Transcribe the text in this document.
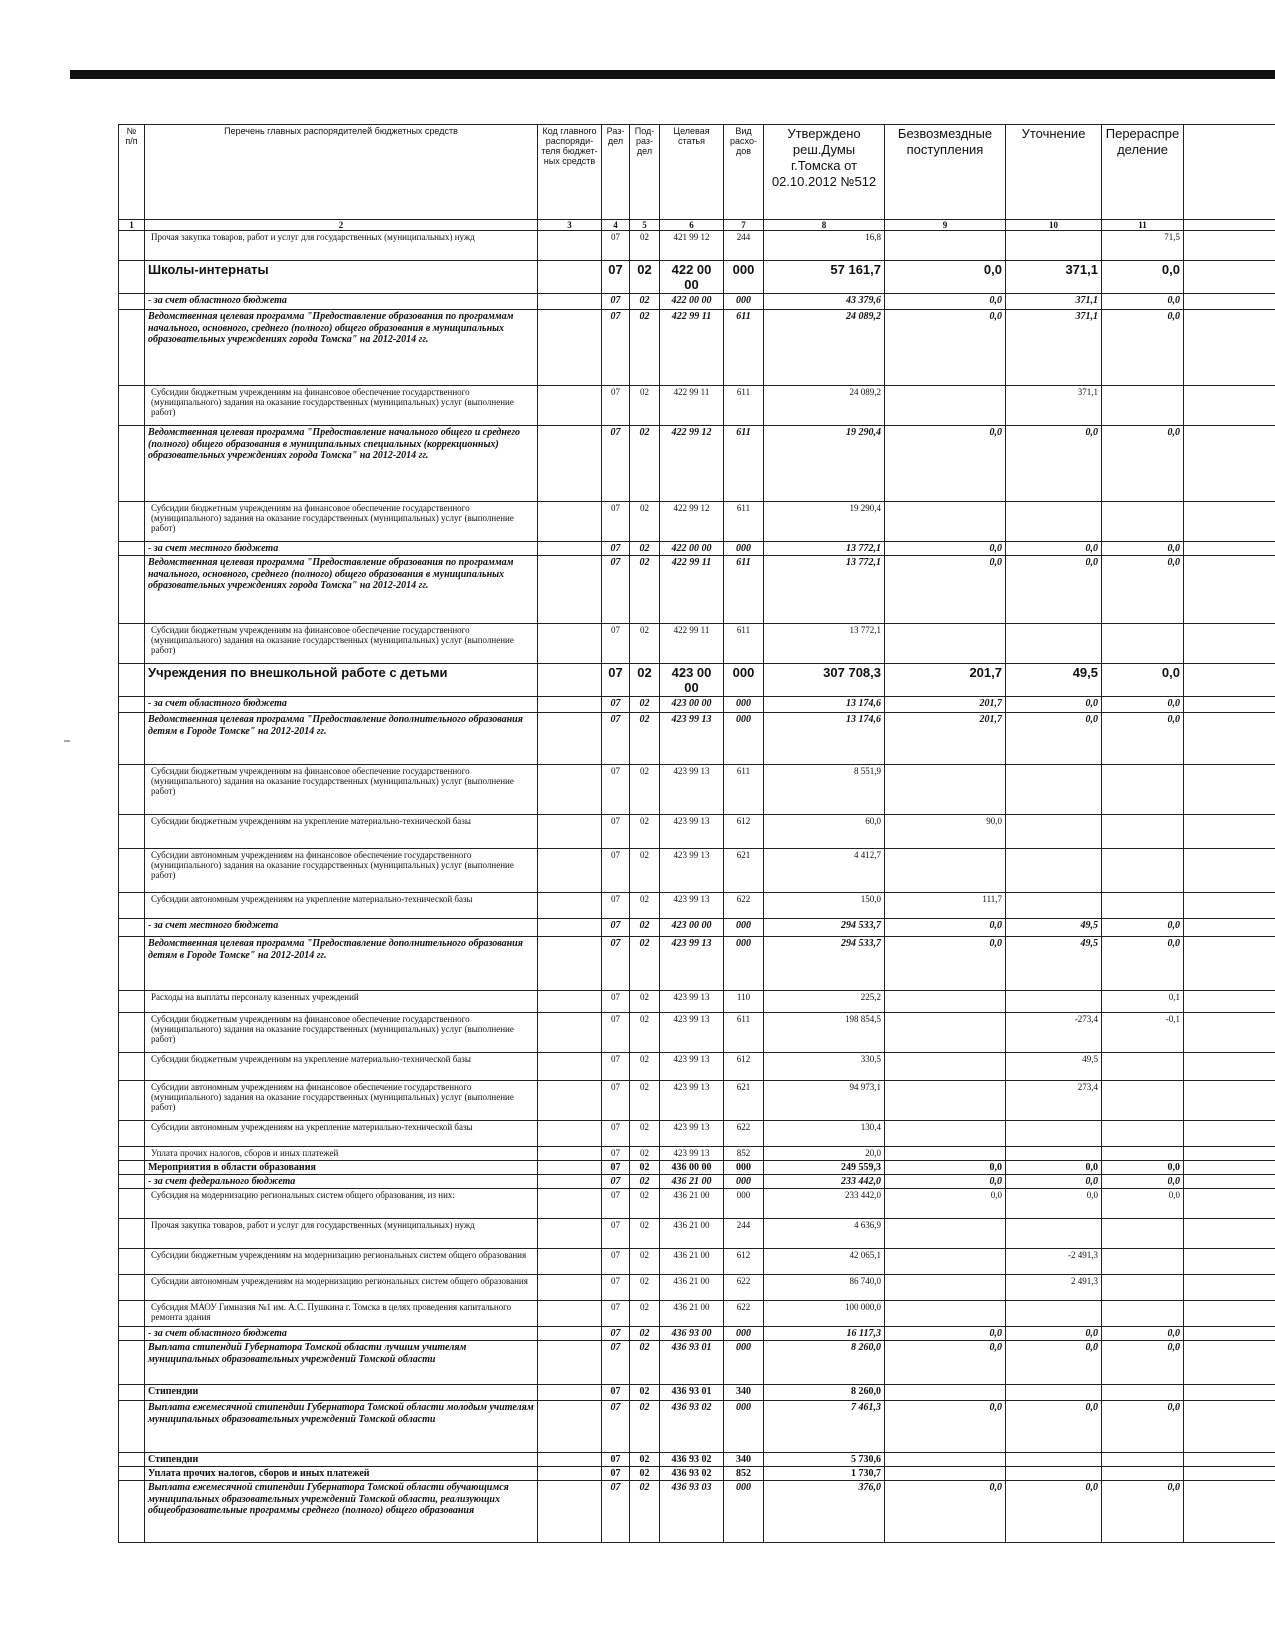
№ п/п	Перечень главных распорядителей бюджетных средств	Код главного распоряди-теля бюджет-ных средств	Раз-дел	Под-раз-дел	Целевая статья	Вид расхо-дов	Утверждено реш.Думы г.Томска от 02.10.2012 №512	Безвозмездные поступления	Уточнение	Перераспре деление	
1	2	3	4	5	6	7	8	9	10	11	
	Прочая закупка товаров, работ и услуг для государственных (муниципальных) нужд		07	02	421 99 12	244	16,8			71,5	
	Школы-интернаты		07	02	422 00 00	000	57 161,7	0,0	371,1	0,0	
	- за счет областного бюджета		07	02	422 00 00	000	43 379,6	0,0	371,1	0,0	
	Ведомственная целевая программа "Предоставление образования по программам начального, основного, среднего (полного) общего образования в муниципальных образовательных учреждениях города Томска" на 2012-2014 гг.		07	02	422 99 11	611	24 089,2	0,0	371,1	0,0	
	Субсидии бюджетным учреждениям на финансовое обеспечение государственного (муниципального) задания на оказание государственных (муниципальных) услуг (выполнение работ)		07	02	422 99 11	611	24 089,2		371,1		
	Ведомственная целевая программа "Предоставление начального общего и среднего (полного) общего образования в муниципальных специальных (коррекционных) образовательных учреждениях города Томска" на 2012-2014 гг.		07	02	422 99 12	611	19 290,4	0,0	0,0	0,0	
	Субсидии бюджетным учреждениям на финансовое обеспечение государственного (муниципального) задания на оказание государственных (муниципальных) услуг (выполнение работ)		07	02	422 99 12	611	19 290,4				
	- за счет местного бюджета		07	02	422 00 00	000	13 772,1	0,0	0,0	0,0	
	Ведомственная целевая программа "Предоставление образования по программам начального, основного, среднего (полного) общего образования в муниципальных образовательных учреждениях города Томска" на 2012-2014 гг.		07	02	422 99 11	611	13 772,1	0,0	0,0	0,0	
	Субсидии бюджетным учреждениям на финансовое обеспечение государственного (муниципального) задания на оказание государственных (муниципальных) услуг (выполнение работ)		07	02	422 99 11	611	13 772,1				
	Учреждения по внешкольной работе с детьми		07	02	423 00 00	000	307 708,3	201,7	49,5	0,0	
	- за счет областного бюджета		07	02	423 00 00	000	13 174,6	201,7	0,0	0,0	
	Ведомственная целевая программа "Предоставление дополнительного образования детям в Городе Томске" на 2012-2014 гг.		07	02	423 99 13	000	13 174,6	201,7	0,0	0,0	
	Субсидии бюджетным учреждениям на финансовое обеспечение государственного (муниципального) задания на оказание государственных (муниципальных) услуг (выполнение работ)		07	02	423 99 13	611	8 551,9				
	Субсидии бюджетным учреждениям на укрепление материально-технической базы		07	02	423 99 13	612	60,0	90,0			
	Субсидии автономным учреждениям на финансовое обеспечение государственного (муниципального) задания на оказание государственных (муниципальных) услуг (выполнение работ)		07	02	423 99 13	621	4 412,7				
	Субсидии автономным учреждениям на укрепление материально-технической базы		07	02	423 99 13	622	150,0	111,7			
	- за счет местного бюджета		07	02	423 00 00	000	294 533,7	0,0	49,5	0,0	
	Ведомственная целевая программа "Предоставление дополнительного образования детям в Городе Томске" на 2012-2014 гг.		07	02	423 99 13	000	294 533,7	0,0	49,5	0,0	
	Расходы на выплаты персоналу казенных учреждений		07	02	423 99 13	110	225,2			0,1	
	Субсидии бюджетным учреждениям на финансовое обеспечение государственного (муниципального) задания на оказание государственных (муниципальных) услуг (выполнение работ)		07	02	423 99 13	611	198 854,5		-273,4	-0,1	
	Субсидии бюджетным учреждениям на укрепление материально-технической базы		07	02	423 99 13	612	330,5		49,5		
	Субсидии автономным учреждениям на финансовое обеспечение государственного (муниципального) задания на оказание государственных (муниципальных) услуг (выполнение работ)		07	02	423 99 13	621	94 973,1		273,4		
	Субсидии автономным учреждениям на укрепление материально-технической базы		07	02	423 99 13	622	130,4				
	Уплата прочих налогов, сборов и иных платежей		07	02	423 99 13	852	20,0				
	Мероприятия в области образования		07	02	436 00 00	000	249 559,3	0,0	0,0	0,0	
	- за счет федерального бюджета		07	02	436 21 00	000	233 442,0	0,0	0,0	0,0	
	Субсидия на модернизацию региональных систем общего образования, из них:		07	02	436 21 00	000	233 442,0	0,0	0,0	0,0	
	Прочая закупка товаров, работ и услуг для государственных (муниципальных) нужд		07	02	436 21 00	244	4 636,9				
	Субсидии бюджетным учреждениям на модернизацию региональных систем общего образования		07	02	436 21 00	612	42 065,1		-2 491,3		
	Субсидии автономным учреждениям на модернизацию региональных систем общего образования		07	02	436 21 00	622	86 740,0		2 491,3		
	Субсидия МАОУ Гимназия №1 им. А.С. Пушкина г. Томска в целях проведения капитального ремонта здания		07	02	436 21 00	622	100 000,0				
	- за счет областного бюджета		07	02	436 93 00	000	16 117,3	0,0	0,0	0,0	
	Выплата стипендий Губернатора Томской области лучшим учителям муниципальных образовательных учреждений Томской области		07	02	436 93 01	000	8 260,0	0,0	0,0	0,0	
	Стипендии		07	02	436 93 01	340	8 260,0				
	Выплата ежемесячной стипендии Губернатора Томской области молодым учителям муниципальных образовательных учреждений Томской области		07	02	436 93 02	000	7 461,3	0,0	0,0	0,0	
	Стипендии		07	02	436 93 02	340	5 730,6				
	Уплата прочих налогов, сборов и иных платежей		07	02	436 93 02	852	1 730,7				
	Выплата ежемесячной стипендии Губернатора Томской области обучающимся муниципальных образовательных учреждений Томской области, реализующих общеобразовательные программы среднего (полного) общего образования		07	02	436 93 03	000	376,0	0,0	0,0	0,0	
